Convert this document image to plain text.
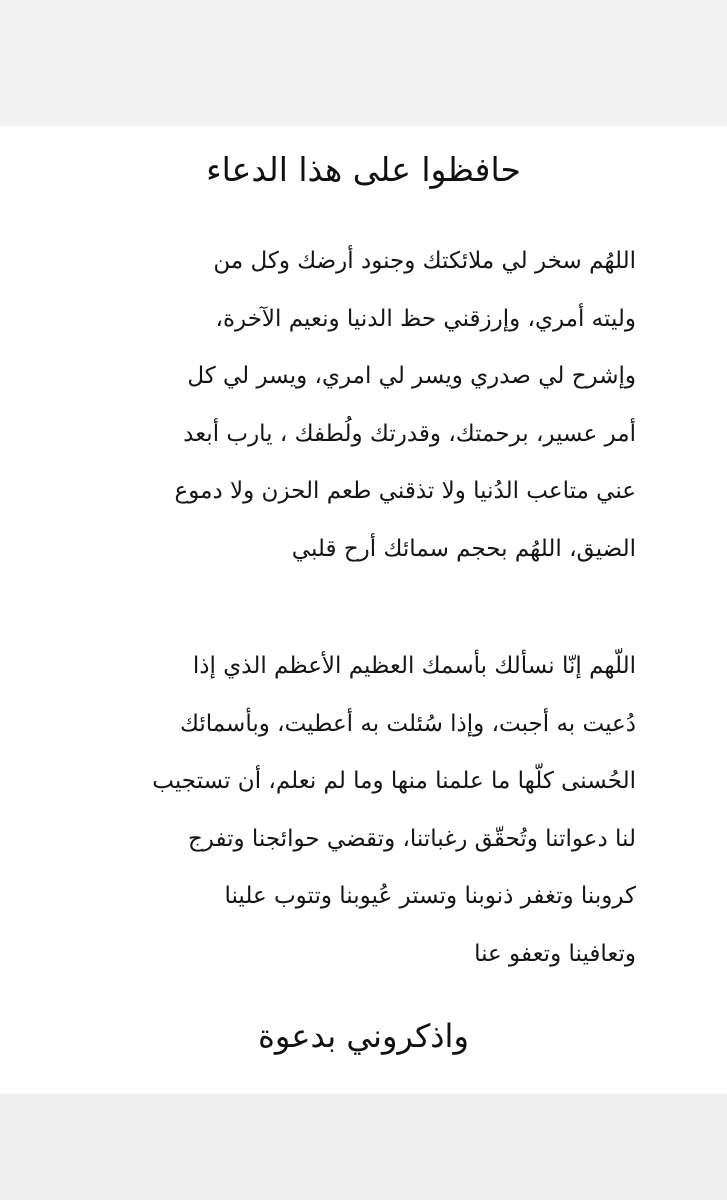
حافظوا على هذا الدعاء
اللهُم سخر لي ملائكتك وجنود أرضك وكل من
وليته أمري، وإرزقني حظ الدنيا ونعيم الآخرة،
وإشرح لي صدري ويسر لي امري، ويسر لي كل
أمر عسير، برحمتك، وقدرتك ولُطفك ، يارب أبعد
عني متاعب الدُنيا ولا تذقني طعم الحزن ولا دموع
الضيق، اللهُم بحجم سمائك أرح قلبي
اللّهم إنّا نسألك بأسمك العظيم الأعظم الذي إذا
دُعيت به أجبت، وإذا سُئلت به أعطيت، وبأسمائك
الحُسنى كلّها ما علمنا منها وما لم نعلم، أن تستجيب
لنا دعواتنا وتُحقّق رغباتنا، وتقضي حوائجنا وتفرج
كروبنا وتغفر ذنوبنا وتستر عُيوبنا وتتوب علينا
وتعافينا وتعفو عنا
واذكروني بدعوة
